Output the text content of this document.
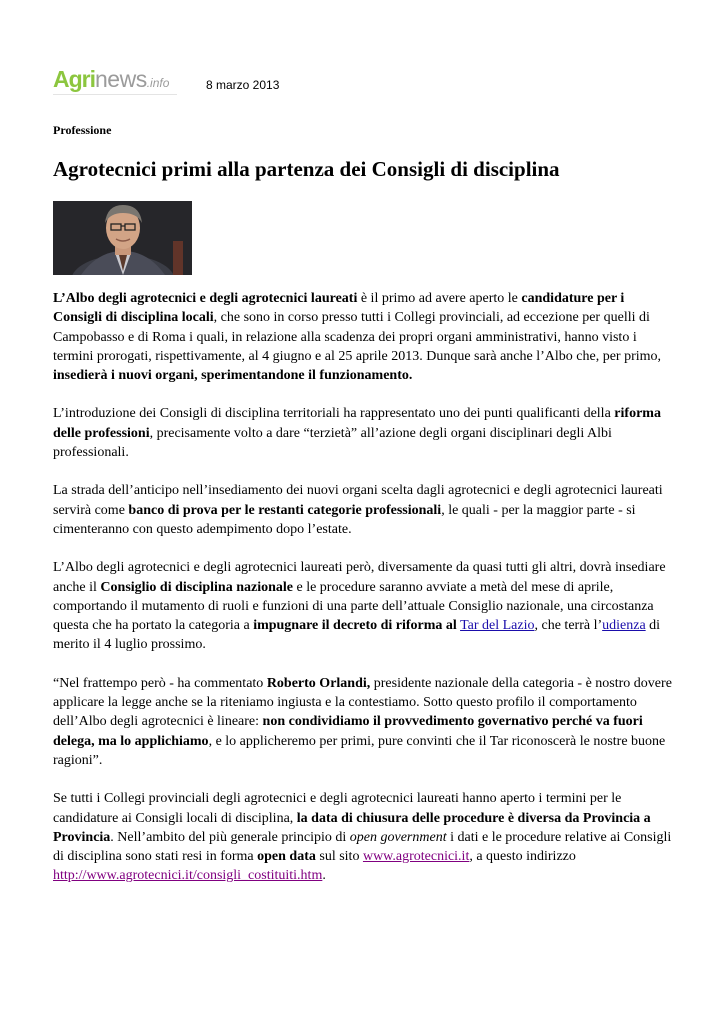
Agrinews.info	8 marzo 2013
Professione
Agrotecnici primi alla partenza dei Consigli di disciplina

L’Albo degli agrotecnici e degli agrotecnici laureati è il primo ad avere aperto le candidature per i Consigli di disciplina locali, che sono in corso presso tutti i Collegi provinciali, ad eccezione per quelli di Campobasso e di Roma i quali, in relazione alla scadenza dei propri organi amministrativi, hanno visto i termini prorogati, rispettivamente, al 4 giugno e al 25 aprile 2013. Dunque sarà anche l’Albo che, per primo, insedierà i nuovi organi, sperimentandone il funzionamento.

L’introduzione dei Consigli di disciplina territoriali ha rappresentato uno dei punti qualificanti della riforma delle professioni, precisamente volto a dare “terzietà” all’azione degli organi disciplinari degli Albi professionali.

La strada dell’anticipo nell’insediamento dei nuovi organi scelta dagli agrotecnici e degli agrotecnici laureati servirà come banco di prova per le restanti categorie professionali, le quali - per la maggior parte - si cimenteranno con questo adempimento dopo l’estate.

L’Albo degli agrotecnici e degli agrotecnici laureati però, diversamente da quasi tutti gli altri, dovrà insediare anche il Consiglio di disciplina nazionale e le procedure saranno avviate a metà del mese di aprile, comportando il mutamento di ruoli e funzioni di una parte dell’attuale Consiglio nazionale, una circostanza questa che ha portato la categoria a impugnare il decreto di riforma al Tar del Lazio, che terrà l’udienza di merito il 4 luglio prossimo.

“Nel frattempo però - ha commentato Roberto Orlandi, presidente nazionale della categoria - è nostro dovere applicare la legge anche se la riteniamo ingiusta e la contestiamo. Sotto questo profilo il comportamento dell’Albo degli agrotecnici è lineare: non condividiamo il provvedimento governativo perché va fuori delega, ma lo applichiamo, e lo applicheremo per primi, pure convinti che il Tar riconoscerà le nostre buone ragioni”.

Se tutti i Collegi provinciali degli agrotecnici e degli agrotecnici laureati hanno aperto i termini per le candidature ai Consigli locali di disciplina, la data di chiusura delle procedure è diversa da Provincia a Provincia. Nell’ambito del più generale principio di open government i dati e le procedure relative ai Consigli di disciplina sono stati resi in forma open data sul sito www.agrotecnici.it, a questo indirizzo http://www.agrotecnici.it/consigli_costituiti.htm.
